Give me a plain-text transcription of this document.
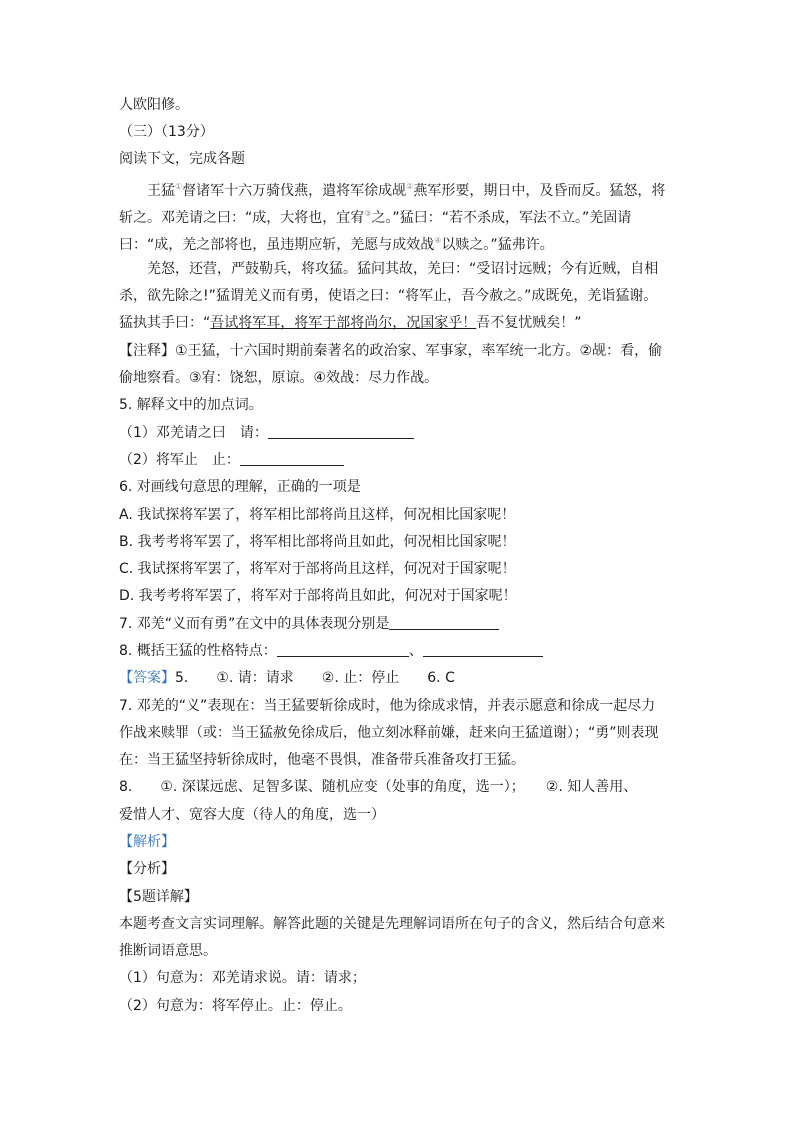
人欧阳修。
（三）（13分）
阅读下文，完成各题
王猛①督诸军十六万骑伐燕，遣将军徐成觇②燕军形要，期日中，及昏而反。猛怒，将
斩之。邓羌请之曰：“成，大将也，宜宥③之。”猛曰：“若不杀成，军法不立。”羌固请
曰：“成，羌之部将也，虽违期应斩，羌愿与成效战④以赎之。”猛弗许。
羌怒，还营，严鼓勒兵，将攻猛。猛问其故，羌曰：“受诏讨远贼；今有近贼，自相
杀，欲先除之!”猛谓羌义而有勇，使语之曰：“将军止，吾今赦之。”成既免，羌诣猛谢。
猛执其手曰：“吾试将军耳，将军于部将尚尔，况国家乎！吾不复忧贼矣！”
【注释】①王猛，十六国时期前秦著名的政治家、军事家，率军统一北方。②觇：看，偷
偷地察看。③宥：饶恕，原谅。④效战：尽力作战。
5. 解释文中的加点词。
（1）邓羌请之曰　请：
（2）将军止　止：
6. 对画线句意思的理解，正确的一项是
A. 我试探将军罢了，将军相比部将尚且这样，何况相比国家呢！
B. 我考考将军罢了，将军相比部将尚且如此，何况相比国家呢！
C. 我试探将军罢了，将军对于部将尚且这样，何况对于国家呢！
D. 我考考将军罢了，将军对于部将尚且如此，何况对于国家呢！
7. 邓羌“义而有勇”在文中的具体表现分别是
8. 概括王猛的性格特点：	、
【答案】5.　　①. 请：请求　　②. 止：停止　　6. C
7. 邓羌的“义”表现在：当王猛要斩徐成时，他为徐成求情，并表示愿意和徐成一起尽力
作战来赎罪（或：当王猛赦免徐成后，他立刻冰释前嫌，赶来向王猛道谢）；“勇”则表现
在：当王猛坚持斩徐成时，他毫不畏惧，准备带兵准备攻打王猛。
8.　　①. 深谋远虑、足智多谋、随机应变（处事的角度，选一）；　　②. 知人善用、
爱惜人才、宽容大度（待人的角度，选一）
【解析】
【分析】
【5题详解】
本题考查文言实词理解。解答此题的关键是先理解词语所在句子的含义，然后结合句意来
推断词语意思。
（1）句意为：邓羌请求说。请：请求；
（2）句意为：将军停止。止：停止。
